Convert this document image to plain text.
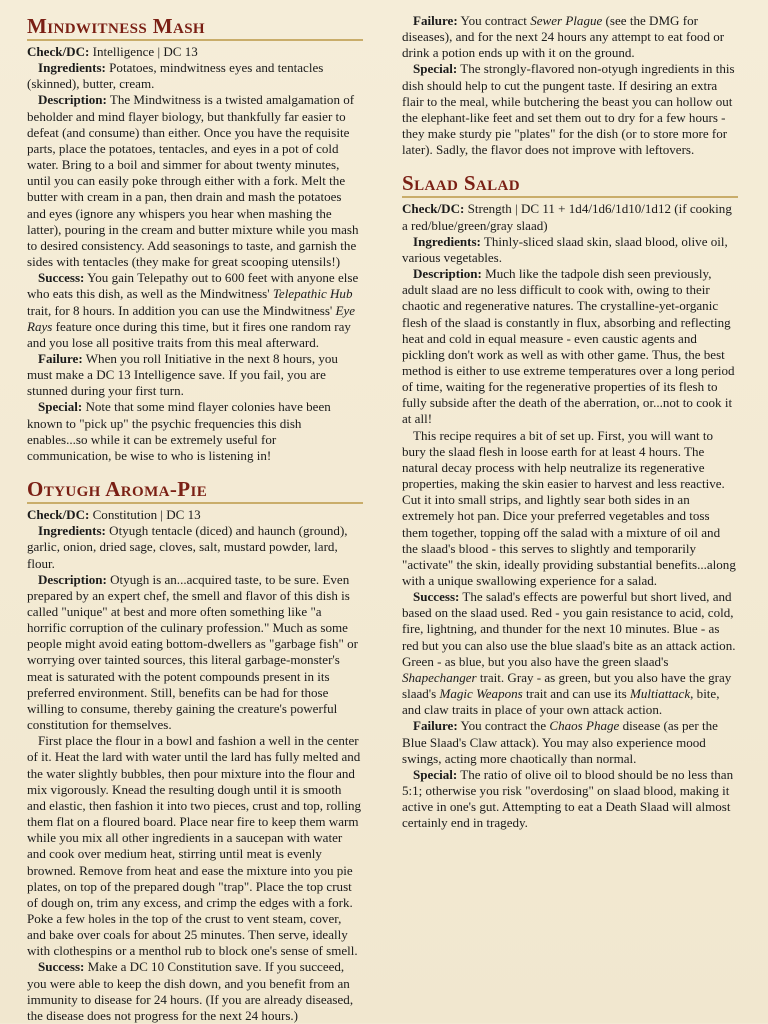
Mindwitness Mash

Check/DC: Intelligence | DC 13

Ingredients: Potatoes, mindwitness eyes and tentacles (skinned), butter, cream.

Description: The Mindwitness is a twisted amalgamation of beholder and mind flayer biology, but thankfully far easier to defeat (and consume) than either. Once you have the requisite parts, place the potatoes, tentacles, and eyes in a pot of cold water. Bring to a boil and simmer for about twenty minutes, until you can easily poke through either with a fork. Melt the butter with cream in a pan, then drain and mash the potatoes and eyes (ignore any whispers you hear when mashing the latter), pouring in the cream and butter mixture while you mash to desired consistency. Add seasonings to taste, and garnish the sides with tentacles (they make for great scooping utensils!)

Success: You gain Telepathy out to 600 feet with anyone else who eats this dish, as well as the Mindwitness' Telepathic Hub trait, for 8 hours. In addition you can use the Mindwitness' Eye Rays feature once during this time, but it fires one random ray and you lose all positive traits from this meal afterward.

Failure: When you roll Initiative in the next 8 hours, you must make a DC 13 Intelligence save. If you fail, you are stunned during your first turn.

Special: Note that some mind flayer colonies have been known to "pick up" the psychic frequencies this dish enables...so while it can be extremely useful for communication, be wise to who is listening in!

Otyugh Aroma-Pie

Check/DC: Constitution | DC 13

Ingredients: Otyugh tentacle (diced) and haunch (ground), garlic, onion, dried sage, cloves, salt, mustard powder, lard, flour.

Description: Otyugh is an...acquired taste, to be sure. Even prepared by an expert chef, the smell and flavor of this dish is called "unique" at best and more often something like "a horrific corruption of the culinary profession." Much as some people might avoid eating bottom-dwellers as "garbage fish" or worrying over tainted sources, this literal garbage-monster's meat is saturated with the potent compounds present in its preferred environment. Still, benefits can be had for those willing to consume, thereby gaining the creature's powerful constitution for themselves.

First place the flour in a bowl and fashion a well in the center of it. Heat the lard with water until the lard has fully melted and the water slightly bubbles, then pour mixture into the flour and mix vigorously. Knead the resulting dough until it is smooth and elastic, then fashion it into two pieces, crust and top, rolling them flat on a floured board. Place near fire to keep them warm while you mix all other ingredients in a saucepan with water and cook over medium heat, stirring until meat is evenly browned. Remove from heat and ease the mixture into you pie plates, on top of the prepared dough "trap". Place the top crust of dough on, trim any excess, and crimp the edges with a fork. Poke a few holes in the top of the crust to vent steam, cover, and bake over coals for about 25 minutes. Then serve, ideally with clothespins or a menthol rub to block one's sense of smell.

Success: Make a DC 10 Constitution save. If you succeed, you were able to keep the dish down, and you benefit from an immunity to disease for 24 hours. (If you are already diseased, the disease does not progress for the next 24 hours.)

Failure: You contract Sewer Plague (see the DMG for diseases), and for the next 24 hours any attempt to eat food or drink a potion ends up with it on the ground.

Special: The strongly-flavored non-otyugh ingredients in this dish should help to cut the pungent taste. If desiring an extra flair to the meal, while butchering the beast you can hollow out the elephant-like feet and set them out to dry for a few hours - they make sturdy pie "plates" for the dish (or to store more for later). Sadly, the flavor does not improve with leftovers.

Slaad Salad

Check/DC: Strength | DC 11 + 1d4/1d6/1d10/1d12 (if cooking a red/blue/green/gray slaad)

Ingredients: Thinly-sliced slaad skin, slaad blood, olive oil, various vegetables.

Description: Much like the tadpole dish seen previously, adult slaad are no less difficult to cook with, owing to their chaotic and regenerative natures. The crystalline-yet-organic flesh of the slaad is constantly in flux, absorbing and reflecting heat and cold in equal measure - even caustic agents and pickling don't work as well as with other game. Thus, the best method is either to use extreme temperatures over a long period of time, waiting for the regenerative properties of its flesh to fully subside after the death of the aberration, or...not to cook it at all!

This recipe requires a bit of set up. First, you will want to bury the slaad flesh in loose earth for at least 4 hours. The natural decay process with help neutralize its regenerative properties, making the skin easier to harvest and less reactive. Cut it into small strips, and lightly sear both sides in an extremely hot pan. Dice your preferred vegetables and toss them together, topping off the salad with a mixture of oil and the slaad's blood - this serves to slightly and temporarily "activate" the skin, ideally providing substantial benefits...along with a unique swallowing experience for a salad.

Success: The salad's effects are powerful but short lived, and based on the slaad used. Red - you gain resistance to acid, cold, fire, lightning, and thunder for the next 10 minutes. Blue - as red but you can also use the blue slaad's bite as an attack action. Green - as blue, but you also have the green slaad's Shapechanger trait. Gray - as green, but you also have the gray slaad's Magic Weapons trait and can use its Multiattack, bite, and claw traits in place of your own attack action.

Failure: You contract the Chaos Phage disease (as per the Blue Slaad's Claw attack). You may also experience mood swings, acting more chaotically than normal.

Special: The ratio of olive oil to blood should be no less than 5:1; otherwise you risk "overdosing" on slaad blood, making it active in one's gut. Attempting to eat a Death Slaad will almost certainly end in tragedy.
